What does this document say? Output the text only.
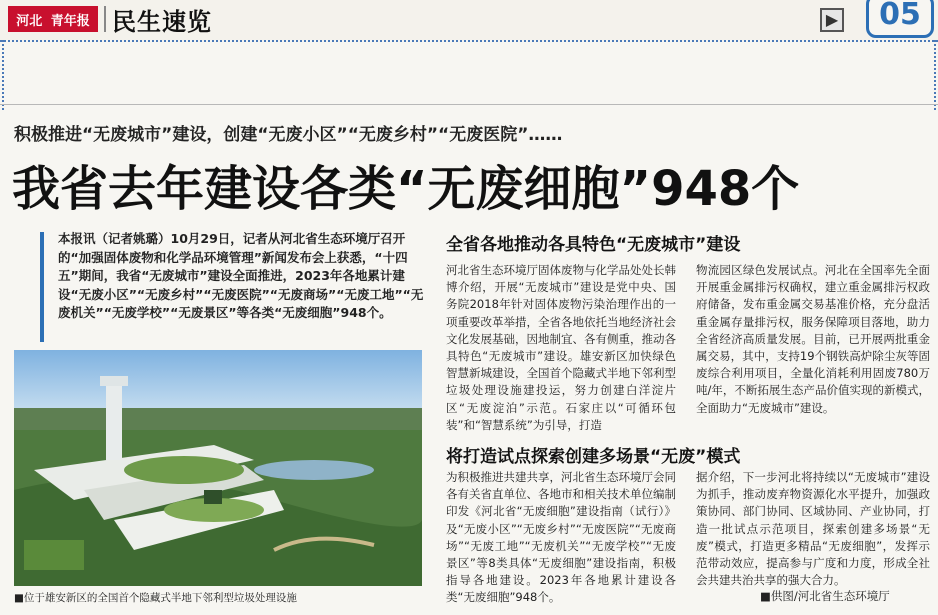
河北 青年报 民生速览	▶	05
积极推进“无废城市”建设，创建“无废小区”“无废乡村”“无废医院”……
我省去年建设各类“无废细胞”948个
本报讯（记者姚璐）10月29日，记者从河北省生态环境厅召开的“加强固体废物和化学品环境管理”新闻发布会上获悉，“十四五”期间，我省“无废城市”建设全面推进，2023年各地累计建设“无废小区”“无废乡村”“无废医院”“无废商场”“无废工地”“无废机关”“无废学校”“无废景区”等各类“无废细胞”948个。
■位于雄安新区的全国首个隐藏式半地下邻利型垃圾处理设施
全省各地推动各具特色“无废城市”建设
河北省生态环境厅固体废物与化学品处处长韩博介绍，开展“无废城市”建设是党中央、国务院2018年针对固体废物污染治理作出的一项重要改革举措，全省各地依托当地经济社会文化发展基础，因地制宜、各有侧重，推动各具特色“无废城市”建设。雄安新区加快绿色智慧新城建设，全国首个隐藏式半地下邻利型垃圾处理设施建投运，努力创建白洋淀片区“无废淀泊”示范。石家庄以“可循环包装”和“智慧系统”为引导，打造
物流园区绿色发展试点。河北在全国率先全面开展重金属排污权确权，建立重金属排污权政府储备，发布重金属交易基准价格，充分盘活重金属存量排污权，服务保障项目落地，助力全省经济高质量发展。目前，已开展两批重金属交易，其中，支持19个钢铁高炉除尘灰等固废综合利用项目，全量化消耗利用固废780万吨/年，不断拓展生态产品价值实现的新模式，全面助力“无废城市”建设。
将打造试点探索创建多场景“无废”模式
为积极推进共建共享，河北省生态环境厅会同各有关省直单位、各地市和相关技术单位编制印发《河北省“无废细胞”建设指南（试行）》及“无废小区”“无废乡村”“无废医院”“无废商场”“无废工地”“无废机关”“无废学校”“无废景区”等8类具体“无废细胞”建设指南，积极指导各地建设。2023年各地累计建设各类“无废细胞”948个。
据介绍，下一步河北将持续以“无废城市”建设为抓手，推动废弃物资源化水平提升，加强政策协同、部门协同、区域协同、产业协同，打造一批试点示范项目，探索创建多场景“无废”模式，打造更多精品“无废细胞”，发挥示范带动效应，提高参与广度和力度，形成全社会共建共治共享的强大合力。
■供图/河北省生态环境厅
